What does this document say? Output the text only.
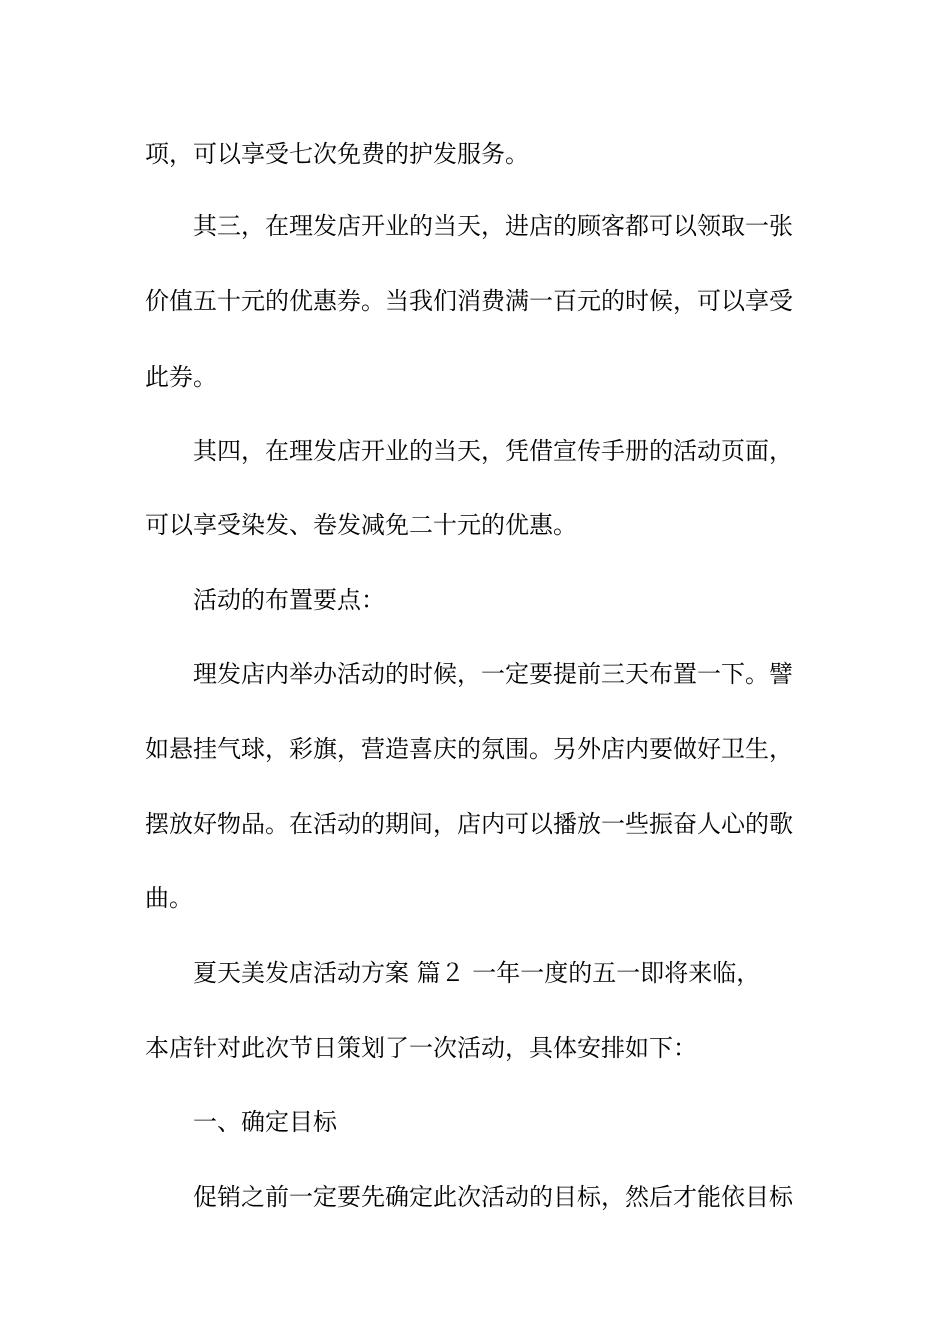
项，可以享受七次免费的护发服务。
其三，在理发店开业的当天，进店的顾客都可以领取一张
价值五十元的优惠券。当我们消费满一百元的时候，可以享受
此券。
其四，在理发店开业的当天，凭借宣传手册的活动页面，
可以享受染发、卷发减免二十元的优惠。
活动的布置要点：
理发店内举办活动的时候，一定要提前三天布置一下。譬
如悬挂气球，彩旗，营造喜庆的氛围。另外店内要做好卫生，
摆放好物品。在活动的期间，店内可以播放一些振奋人心的歌
曲。
夏天美发店活动方案 篇２ 一年一度的五一即将来临，
本店针对此次节日策划了一次活动，具体安排如下：
一、确定目标
促销之前一定要先确定此次活动的目标，然后才能依目标
